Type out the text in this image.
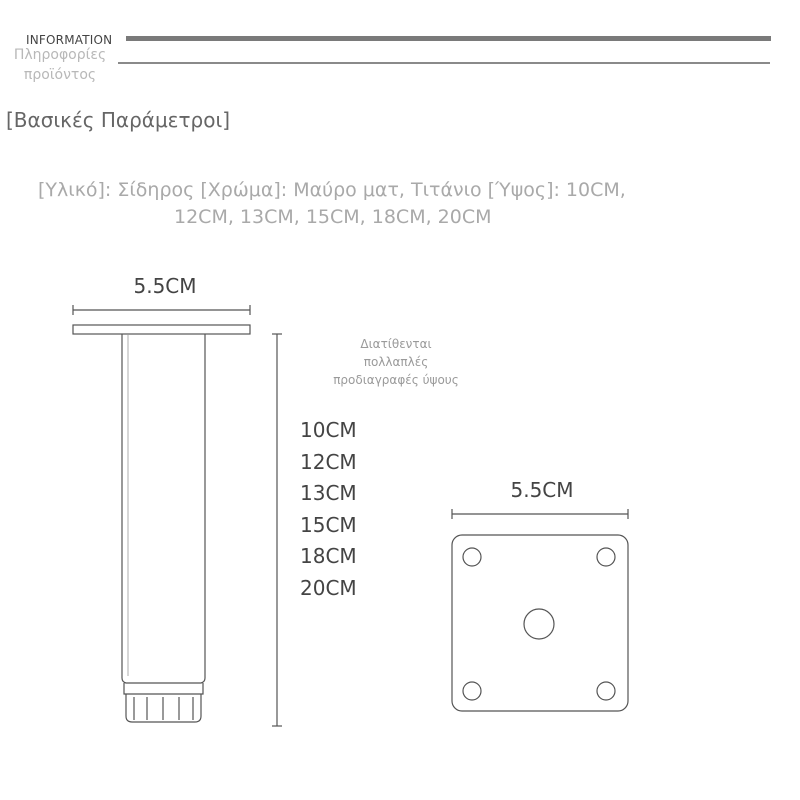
INFORMATION
Πληροφορίες προϊόντος
[Βασικές Παράμετροι]
[Υλικό]: Σίδηρος [Χρώμα]: Μαύρο ματ, Τιτάνιο [Ύψος]: 10CM,
12CM, 13CM, 15CM, 18CM, 20CM
5.5CM
5.5CM
Διατίθενται πολλαπλές προδιαγραφές ύψους
10CM
12CM
13CM
15CM
18CM
20CM
